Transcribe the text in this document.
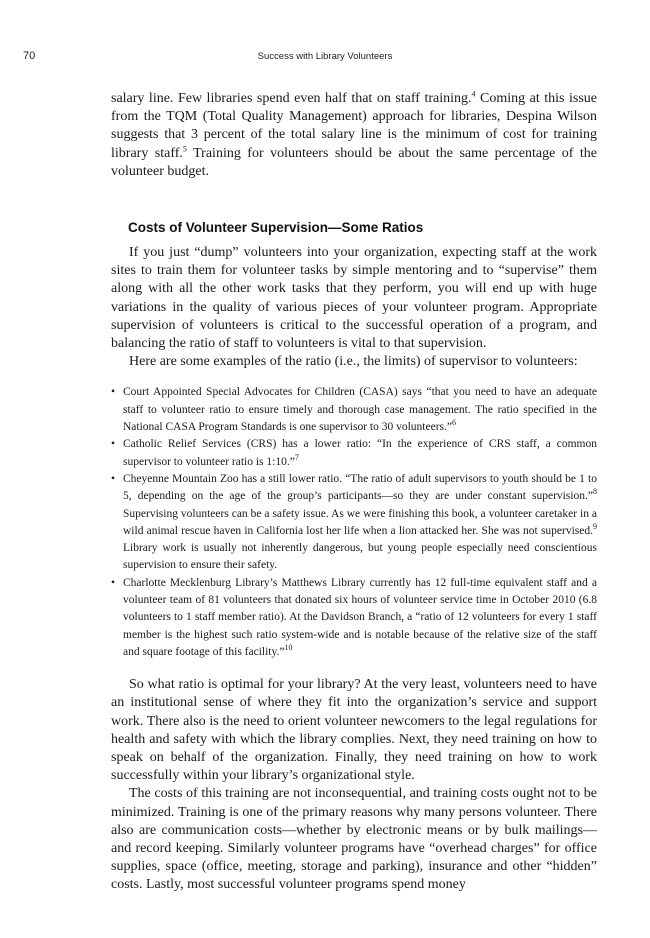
70	Success with Library Volunteers

salary line. Few libraries spend even half that on staff training.$^4$ Coming at this issue from the TQM (Total Quality Management) approach for libraries, Despina Wilson suggests that 3 percent of the total salary line is the minimum of cost for training library staff.$^5$ Training for volunteers should be about the same percentage of the volunteer budget.

Costs of Volunteer Supervision—Some Ratios

If you just “dump” volunteers into your organization, expecting staff at the work sites to train them for volunteer tasks by simple mentoring and to “supervise” them along with all the other work tasks that they perform, you will end up with huge variations in the quality of various pieces of your volunteer program. Appropriate supervision of volunteers is critical to the successful operation of a program, and balancing the ratio of staff to volunteers is vital to that supervision.

Here are some examples of the ratio (i.e., the limits) of supervisor to volunteers:

• Court Appointed Special Advocates for Children (CASA) says “that you need to have an adequate staff to volunteer ratio to ensure timely and thorough case management. The ratio specified in the National CASA Program Standards is one supervisor to 30 volunteers.”$^6$
• Catholic Relief Services (CRS) has a lower ratio: “In the experience of CRS staff, a common supervisor to volunteer ratio is 1:10.”$^7$
• Cheyenne Mountain Zoo has a still lower ratio. “The ratio of adult supervisors to youth should be 1 to 5, depending on the age of the group’s participants—so they are under constant supervision.”$^8$ Supervising volunteers can be a safety issue. As we were finishing this book, a volunteer caretaker in a wild animal rescue haven in California lost her life when a lion attacked her. She was not supervised.$^9$ Library work is usually not inherently dangerous, but young people especially need conscientious supervision to ensure their safety.
• Charlotte Mecklenburg Library’s Matthews Library currently has 12 full-time equivalent staff and a volunteer team of 81 volunteers that donated six hours of volunteer service time in October 2010 (6.8 volunteers to 1 staff member ratio). At the Davidson Branch, a “ratio of 12 volunteers for every 1 staff member is the highest such ratio system-wide and is notable because of the relative size of the staff and square footage of this facility.”$^{10}$

So what ratio is optimal for your library? At the very least, volunteers need to have an institutional sense of where they fit into the organization’s service and support work. There also is the need to orient volunteer newcomers to the legal regulations for health and safety with which the library complies. Next, they need training on how to speak on behalf of the organization. Finally, they need training on how to work successfully within your library’s organizational style.

The costs of this training are not inconsequential, and training costs ought not to be minimized. Training is one of the primary reasons why many persons volunteer. There also are communication costs—whether by electronic means or by bulk mailings—and record keeping. Similarly volunteer programs have “overhead charges” for office supplies, space (office, meeting, storage and parking), insurance and other “hidden” costs. Lastly, most successful volunteer programs spend money
